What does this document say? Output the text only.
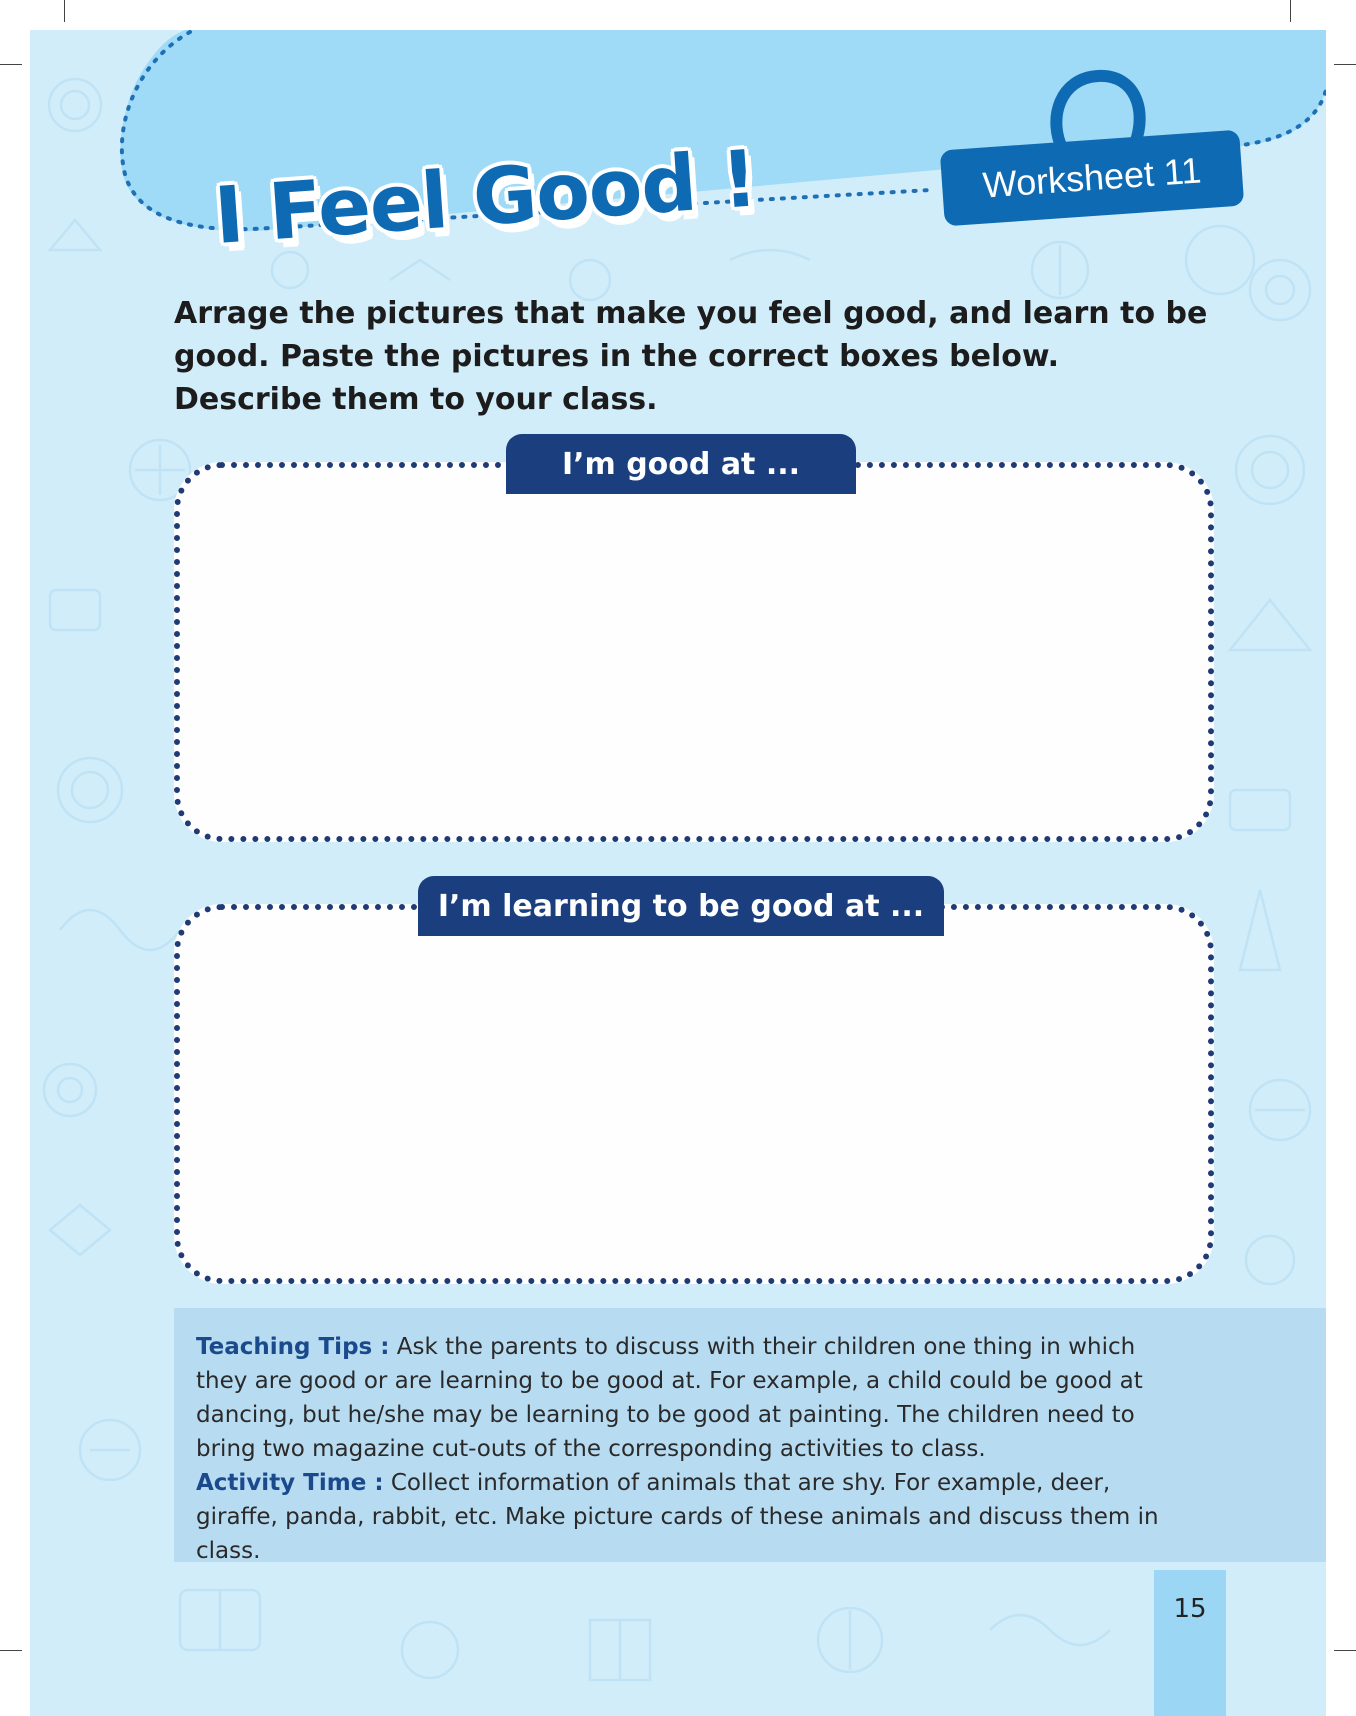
Worksheet 11
I Feel Good !
Arrage the pictures that make you feel good, and learn to be good. Paste the pictures in the correct boxes below. Describe them to your class.
I’m good at ...
I’m learning to be good at ...
Teaching Tips : Ask the parents to discuss with their children one thing in which they are good or are learning to be good at. For example, a child could be good at dancing, but he/she may be learning to be good at painting. The children need to bring two magazine cut-outs of the corresponding activities to class.
Activity Time : Collect information of animals that are shy. For example, deer, giraffe, panda, rabbit, etc. Make picture cards of these animals and discuss them in class.
15
